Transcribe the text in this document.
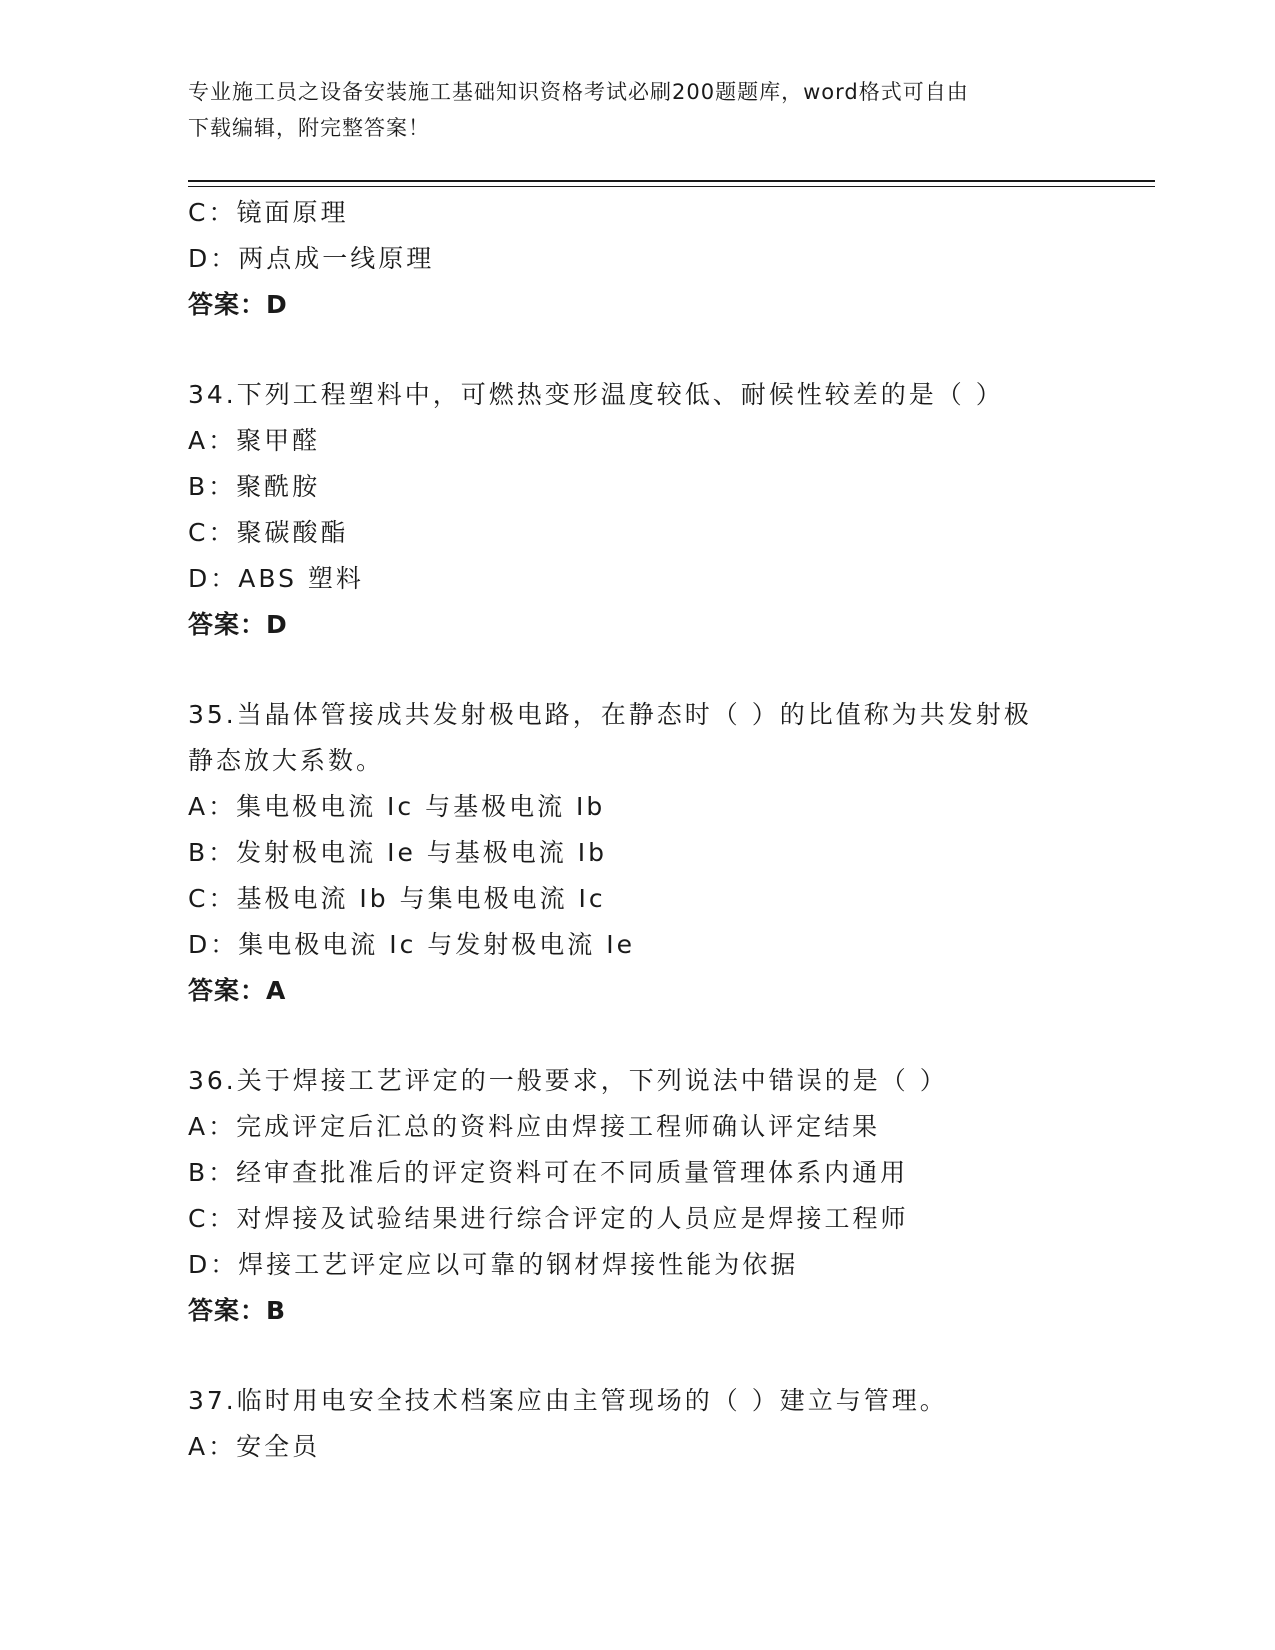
专业施工员之设备安装施工基础知识资格考试必刷200题题库，word格式可自由
下载编辑，附完整答案！
C：镜面原理
D：两点成一线原理
答案：D
34.下列工程塑料中，可燃热变形温度较低、耐候性较差的是（ ）
A：聚甲醛
B：聚酰胺
C：聚碳酸酯
D：ABS 塑料
答案：D
35.当晶体管接成共发射极电路，在静态时（ ）的比值称为共发射极
静态放大系数。
A：集电极电流 Ic 与基极电流 Ib
B：发射极电流 Ie 与基极电流 Ib
C：基极电流 Ib 与集电极电流 Ic
D：集电极电流 Ic 与发射极电流 Ie
答案：A
36.关于焊接工艺评定的一般要求，下列说法中错误的是（ ）
A：完成评定后汇总的资料应由焊接工程师确认评定结果
B：经审查批准后的评定资料可在不同质量管理体系内通用
C：对焊接及试验结果进行综合评定的人员应是焊接工程师
D：焊接工艺评定应以可靠的钢材焊接性能为依据
答案：B
37.临时用电安全技术档案应由主管现场的（ ）建立与管理。
A：安全员
